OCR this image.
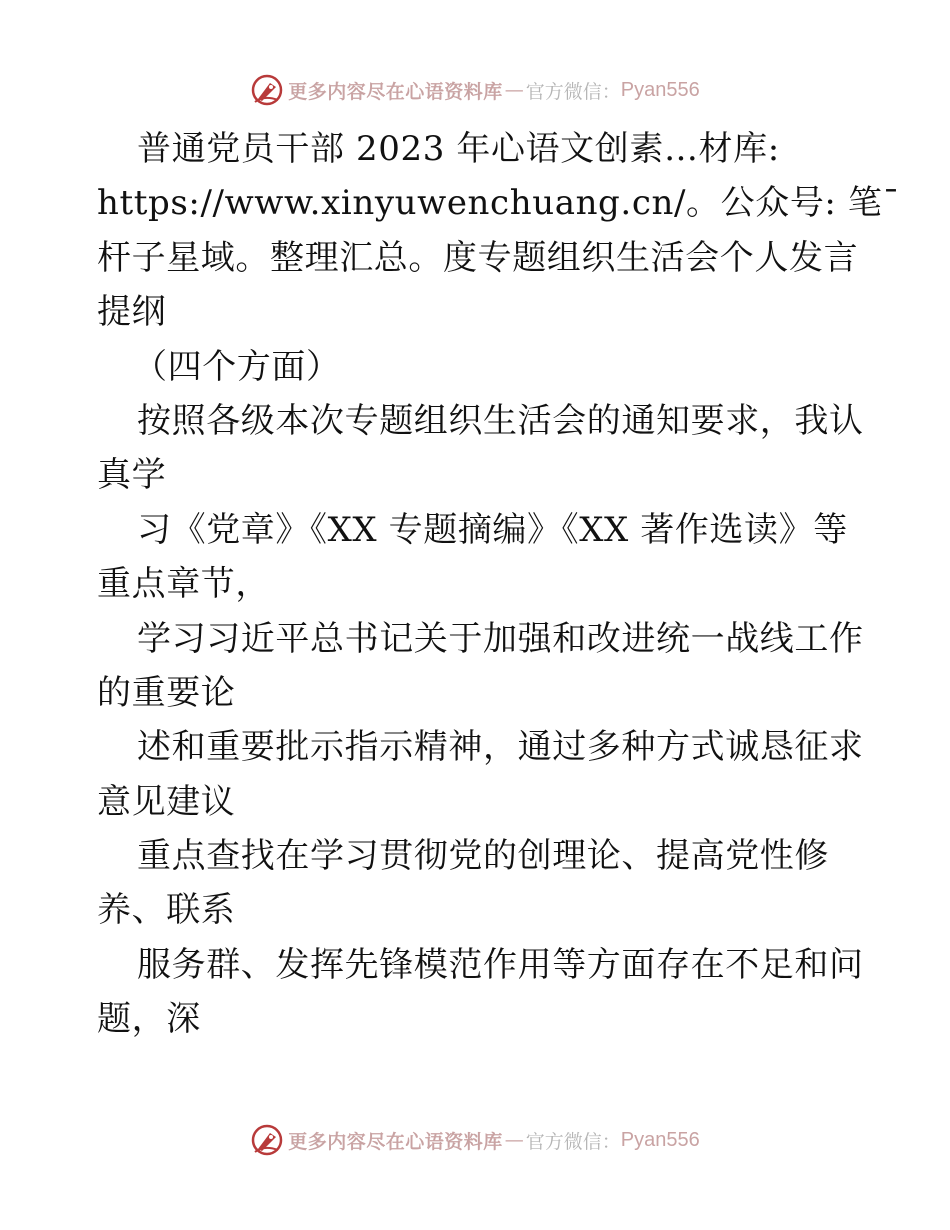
更多内容尽在心语资料库 — 官方微信： Pyan556
普通党员干部 2023 年心语文创素…材库:
https://www.xinyuwenchuang.cn/。公众号: 笔¯
杆子星域。整理汇总。度专题组织生活会个人发言
提纲
（四个方面）
按照各级本次专题组织生活会的通知要求，我认
真学
习《党章》《XX 专题摘编》《XX 著作选读》等
重点章节，
学习习近平总书记关于加强和改进统一战线工作
的重要论
述和重要批示指示精神，通过多种方式诚恳征求
意见建议
重点查找在学习贯彻党的创理论、提高党性修
养、联系
服务群、发挥先锋模范作用等方面存在不足和问
题，深
更多内容尽在心语资料库 — 官方微信： Pyan556
